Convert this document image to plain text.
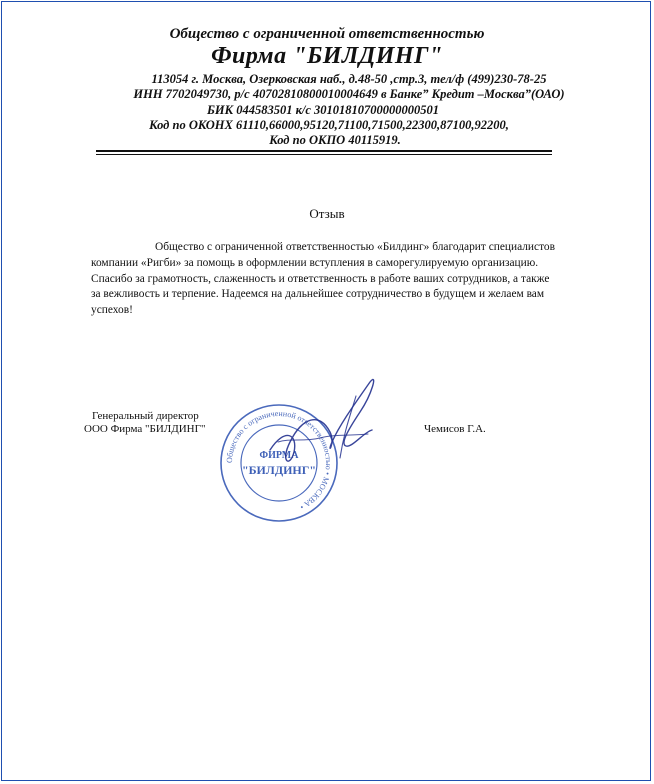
Общество с ограниченной ответственностью
Фирма "БИЛДИНГ"
113054 г. Москва, Озерковская наб., д.48-50 ,стр.3, тел/ф (499)230-78-25
ИНН 7702049730, р/с 40702810800010004649 в Банке” Кредит –Москва”(ОАО)
БИК 044583501 к/с 30101810700000000501
Код по ОКОНХ 61110,66000,95120,71100,71500,22300,87100,92200,
Код по ОКПО 40115919.
Отзыв
Общество с ограниченной ответственностью «Билдинг» благодарит специалистов компании «Ригби» за помощь в оформлении вступления в саморегулируемую организацию. Спасибо за грамотность, слаженность и ответственность в работе ваших сотрудников, а также за вежливость и терпение. Надеемся на дальнейшее сотрудничество в будущем и желаем вам успехов!
Генеральный директор
ООО Фирма "БИЛДИНГ"	Чемисов Г.А.
Общество с ограниченной ответственностью • МОСКВА •
ФИРМА
"БИЛДИНГ"
